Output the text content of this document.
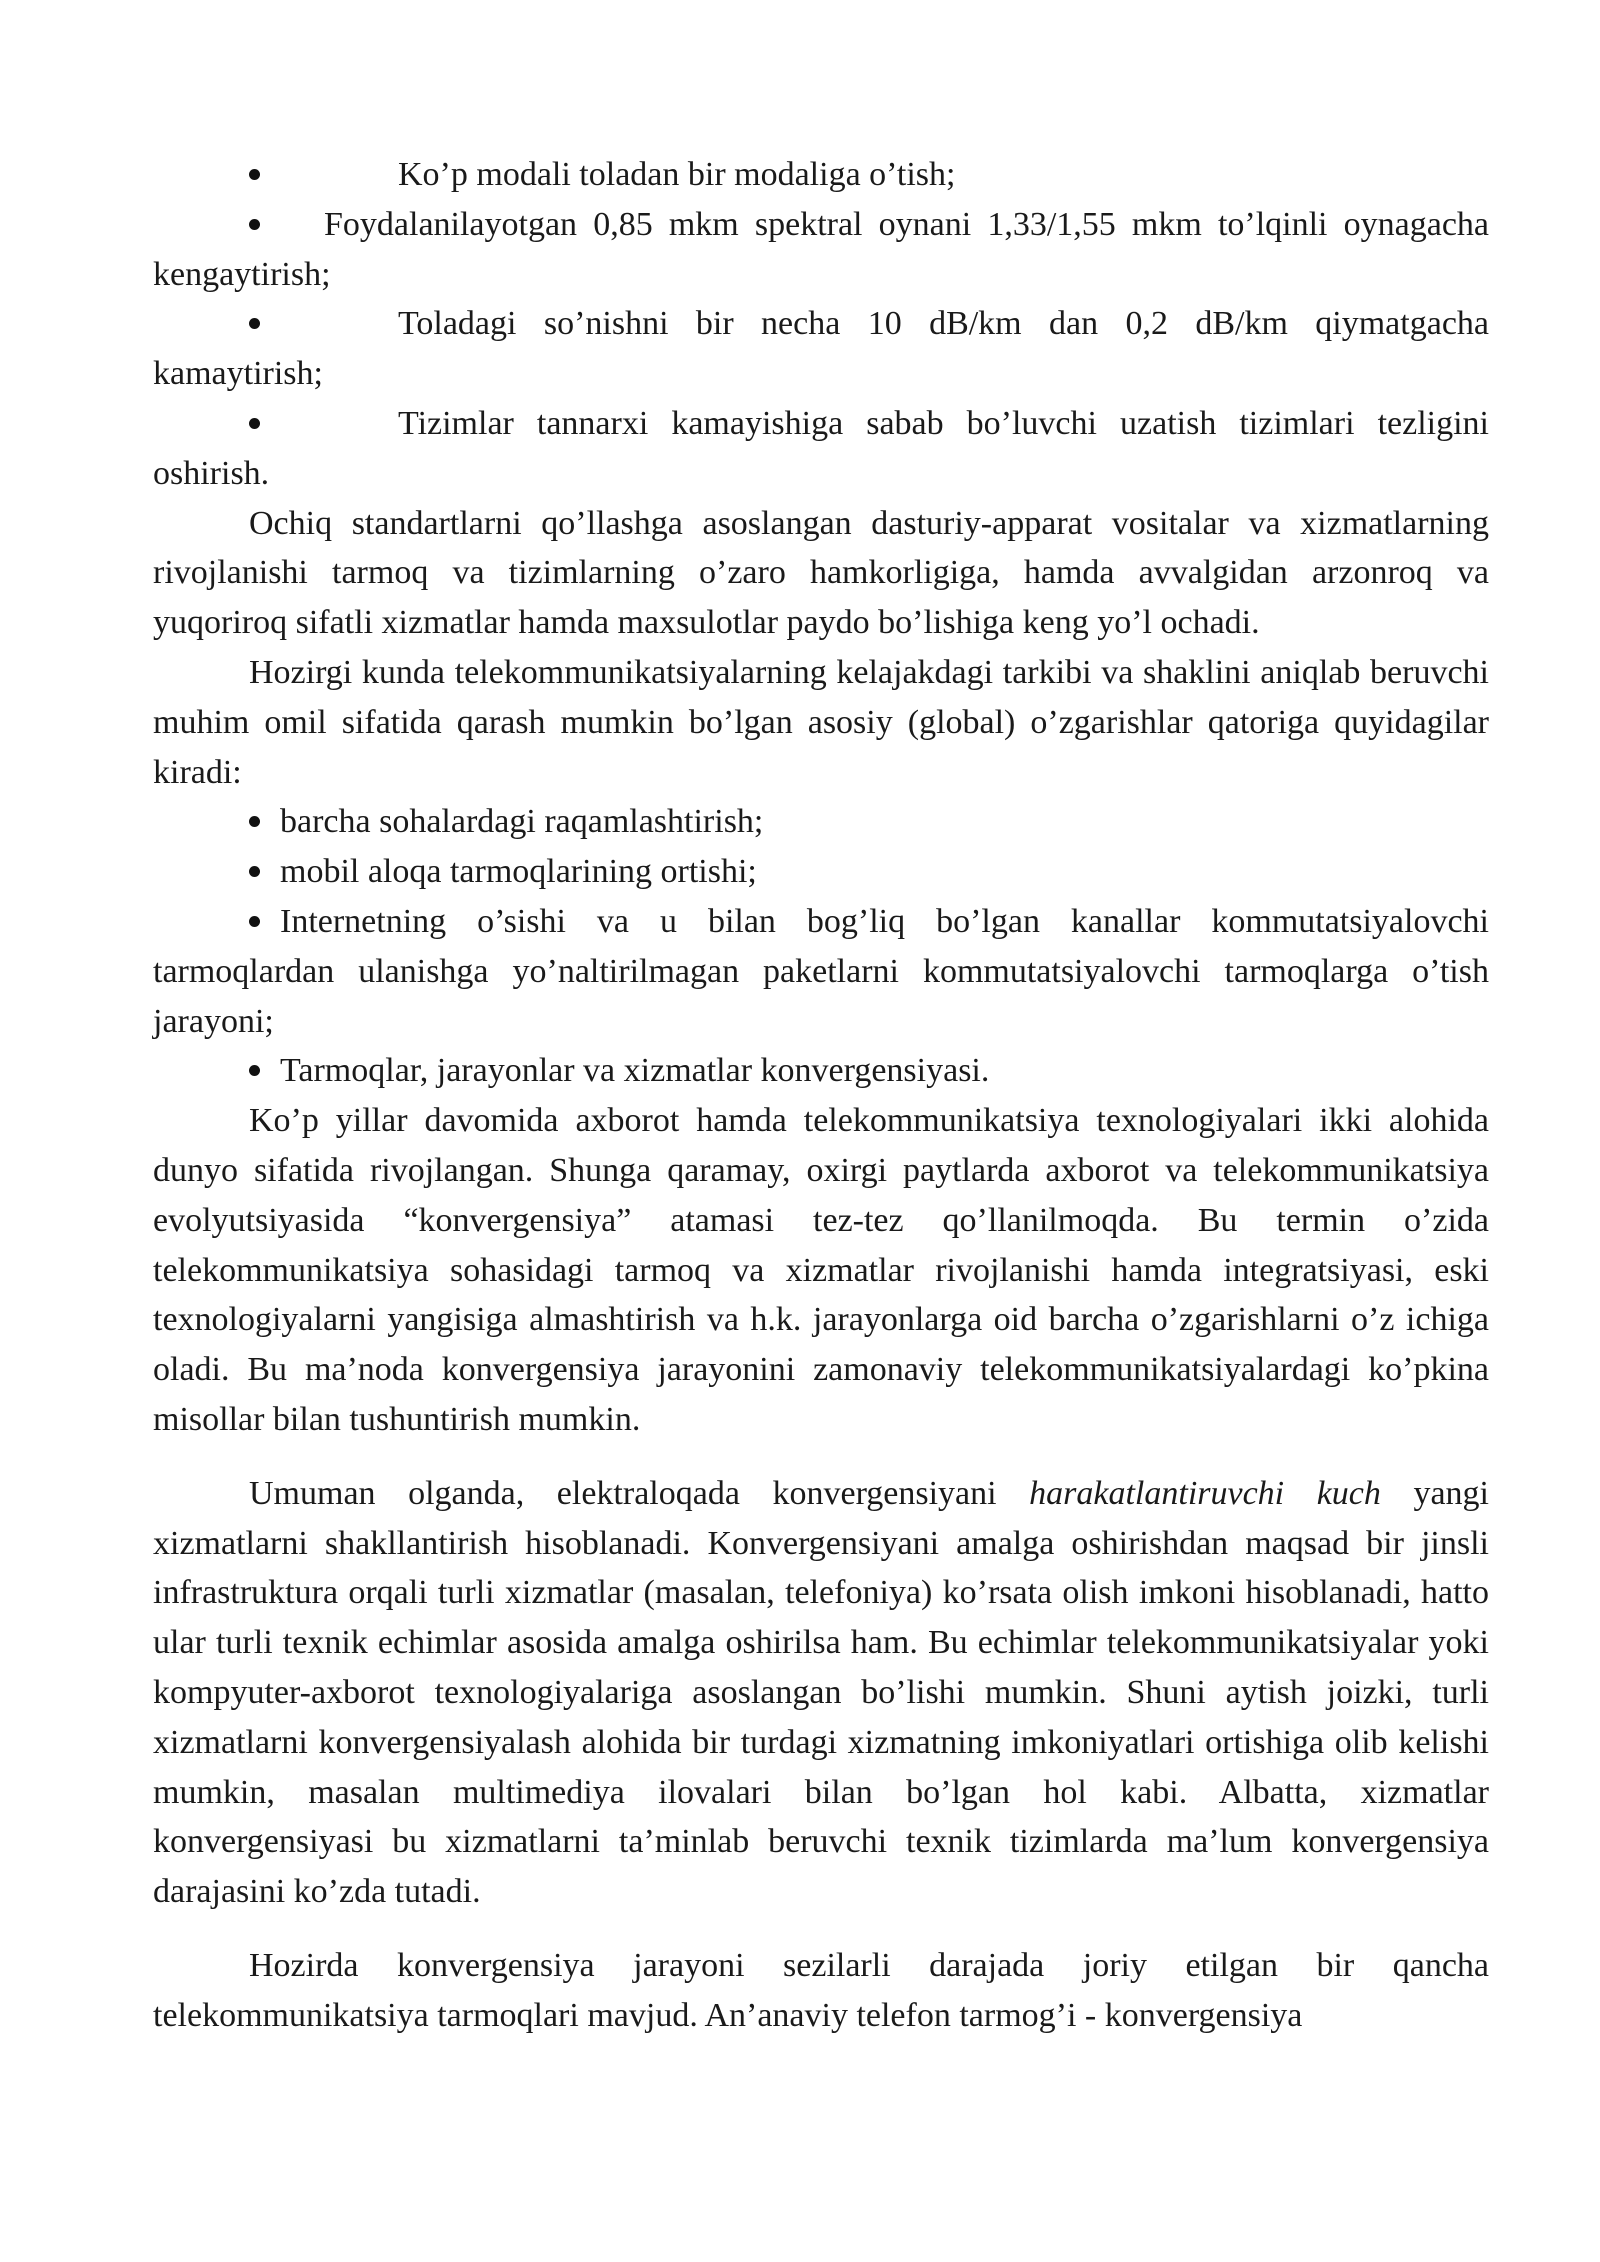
Ko’p modali toladan bir modaliga o’tish;

Foydalanilayotgan 0,85 mkm spektral oynani 1,33/1,55 mkm to’lqinli oynagacha kengaytirish;

Toladagi so’nishni bir necha 10 dB/km dan 0,2 dB/km qiymatgacha kamaytirish;

Tizimlar tannarxi kamayishiga sabab bo’luvchi uzatish tizimlari tezligini oshirish.

Ochiq standartlarni qo’llashga asoslangan dasturiy-apparat vositalar va xizmatlarning rivojlanishi tarmoq va tizimlarning o’zaro hamkorligiga, hamda avvalgidan arzonroq va yuqoriroq sifatli xizmatlar hamda maxsulotlar paydo bo’lishiga keng yo’l ochadi.

Hozirgi kunda telekommunikatsiyalarning kelajakdagi tarkibi va shaklini aniqlab beruvchi muhim omil sifatida qarash mumkin bo’lgan asosiy (global) o’zgarishlar qatoriga quyidagilar kiradi:

barcha sohalardagi raqamlashtirish;

mobil aloqa tarmoqlarining ortishi;

Internetning o’sishi va u bilan bog’liq bo’lgan kanallar kommutatsiyalovchi tarmoqlardan ulanishga yo’naltirilmagan paketlarni kommutatsiyalovchi tarmoqlarga o’tish jarayoni;

Tarmoqlar, jarayonlar va xizmatlar konvergensiyasi.

Ko’p yillar davomida axborot hamda telekommunikatsiya texnologiyalari ikki alohida dunyo sifatida rivojlangan. Shunga qaramay, oxirgi paytlarda axborot va telekommunikatsiya evolyutsiyasida “konvergensiya” atamasi tez-tez qo’llanilmoqda. Bu termin o’zida telekommunikatsiya sohasidagi tarmoq va xizmatlar rivojlanishi hamda integratsiyasi, eski texnologiyalarni yangisiga almashtirish va h.k. jarayonlarga oid barcha o’zgarishlarni o’z ichiga oladi. Bu ma’noda konvergensiya jarayonini zamonaviy telekommunikatsiyalardagi ko’pkina misollar bilan tushuntirish mumkin.

Umuman olganda, elektraloqada konvergensiyani harakatlantiruvchi kuch yangi xizmatlarni shakllantirish hisoblanadi. Konvergensiyani amalga oshirishdan maqsad bir jinsli infrastruktura orqali turli xizmatlar (masalan, telefoniya) ko’rsata olish imkoni hisoblanadi, hatto ular turli texnik echimlar asosida amalga oshirilsa ham. Bu echimlar telekommunikatsiyalar yoki kompyuter-axborot texnologiyalariga asoslangan bo’lishi mumkin. Shuni aytish joizki, turli xizmatlarni konvergensiyalash alohida bir turdagi xizmatning imkoniyatlari ortishiga olib kelishi mumkin, masalan multimediya ilovalari bilan bo’lgan hol kabi. Albatta, xizmatlar konvergensiyasi bu xizmatlarni ta’minlab beruvchi texnik tizimlarda ma’lum konvergensiya darajasini ko’zda tutadi.

Hozirda konvergensiya jarayoni sezilarli darajada joriy etilgan bir qancha telekommunikatsiya tarmoqlari mavjud. An’anaviy telefon tarmog’i - konvergensiya
